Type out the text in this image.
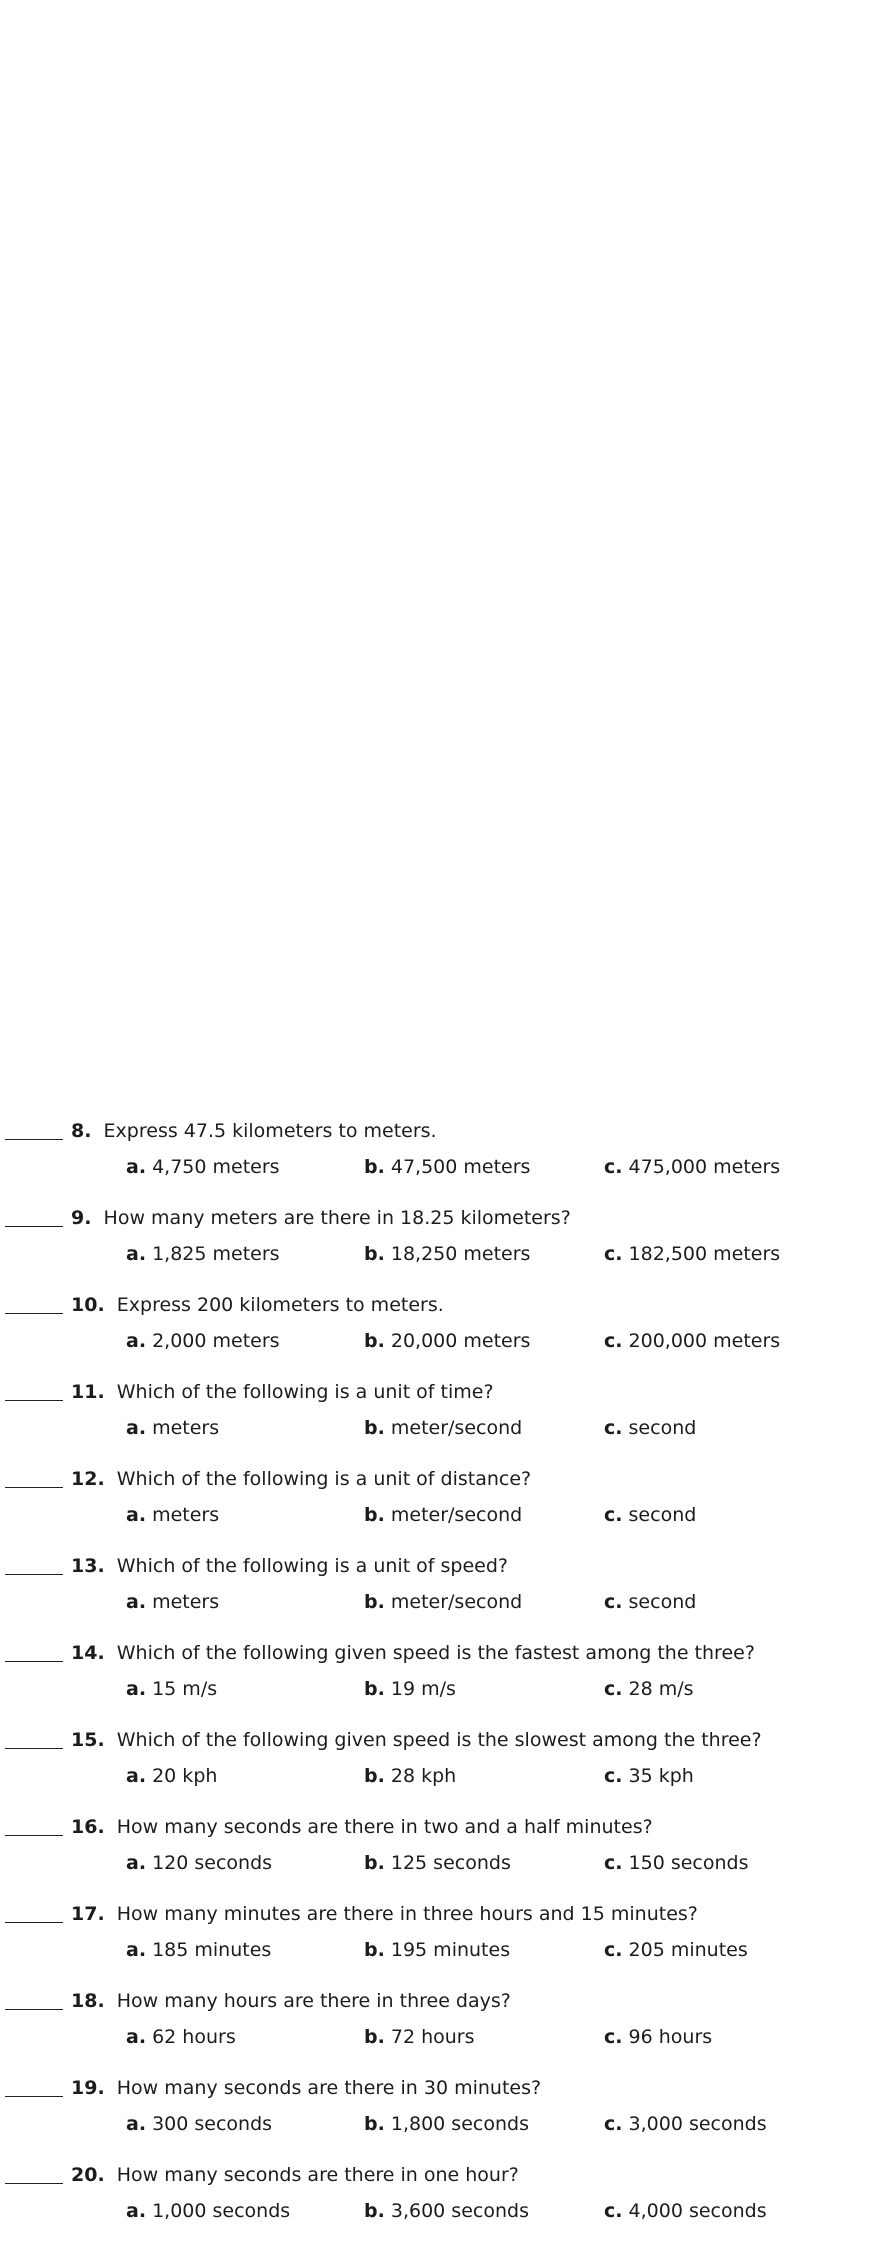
8. Express 47.5 kilometers to meters.
a. 4,750 meters	b. 47,500 meters	c. 475,000 meters
9. How many meters are there in 18.25 kilometers?
a. 1,825 meters	b. 18,250 meters	c. 182,500 meters
10. Express 200 kilometers to meters.
a. 2,000 meters	b. 20,000 meters	c. 200,000 meters
11. Which of the following is a unit of time?
a. meters	b. meter/second	c. second
12. Which of the following is a unit of distance?
a. meters	b. meter/second	c. second
13. Which of the following is a unit of speed?
a. meters	b. meter/second	c. second
14. Which of the following given speed is the fastest among the three?
a. 15 m/s	b. 19 m/s	c. 28 m/s
15. Which of the following given speed is the slowest among the three?
a. 20 kph	b. 28 kph	c. 35 kph
16. How many seconds are there in two and a half minutes?
a. 120 seconds	b. 125 seconds	c. 150 seconds
17. How many minutes are there in three hours and 15 minutes?
a. 185 minutes	b. 195 minutes	c. 205 minutes
18. How many hours are there in three days?
a. 62 hours	b. 72 hours	c. 96 hours
19. How many seconds are there in 30 minutes?
a. 300 seconds	b. 1,800 seconds	c. 3,000 seconds
20. How many seconds are there in one hour?
a. 1,000 seconds	b. 3,600 seconds	c. 4,000 seconds
